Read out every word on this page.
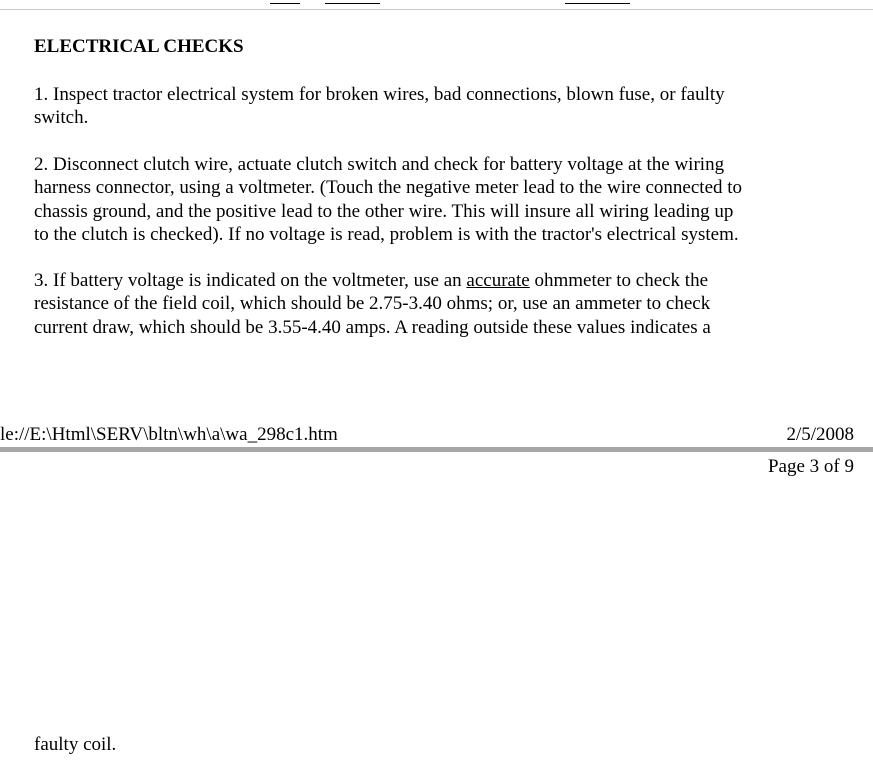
ELECTRICAL CHECKS

1. Inspect tractor electrical system for broken wires, bad connections, blown fuse, or faulty
switch.

2. Disconnect clutch wire, actuate clutch switch and check for battery voltage at the wiring
harness connector, using a voltmeter. (Touch the negative meter lead to the wire connected to
chassis ground, and the positive lead to the other wire. This will insure all wiring leading up
to the clutch is checked). If no voltage is read, problem is with the tractor's electrical system.

3. If battery voltage is indicated on the voltmeter, use an accurate ohmmeter to check the
resistance of the field coil, which should be 2.75-3.40 ohms; or, use an ammeter to check
current draw, which should be 3.55-4.40 amps. A reading outside these values indicates a

le://E:\Html\SERV\bltn\wh\a\wa_298c1.htm	2/5/2008
Page 3 of 9
faulty coil.
